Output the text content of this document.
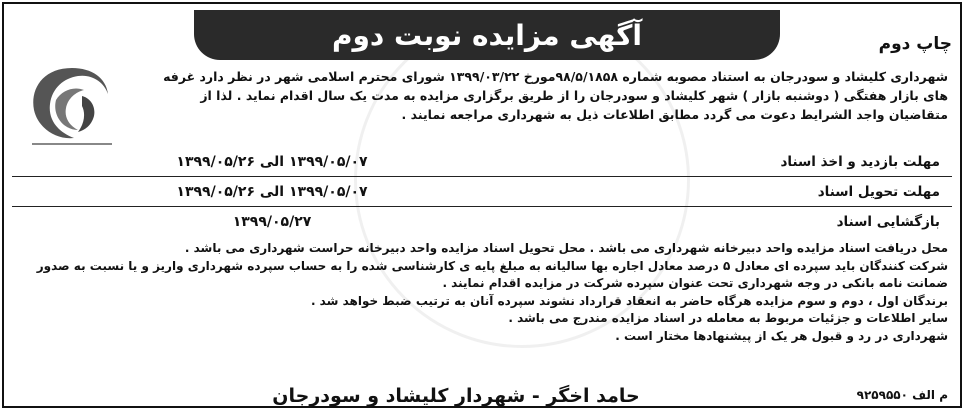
آگهی مزایده نوبت دوم	چاپ دوم

شهرداری کلیشاد و سودرجان به استناد مصوبه شماره ۹۸/۵/۱۸۵۸مورخ ۱۳۹۹/۰۳/۲۲ شورای محترم اسلامی شهر در نظر دارد غرفه های بازار هفتگی ( دوشنبه بازار ) شهر کلیشاد و سودرجان را از طریق برگزاری مزایده به مدت یک سال اقدام نماید . لذا از متقاضیان واجد الشرایط دعوت می گردد مطابق اطلاعات ذیل به شهرداری مراجعه نمایند .

مهلت بازدید و اخذ اسناد
۱۳۹۹/۰۵/۰۷ الی ۱۳۹۹/۰۵/۲۶
مهلت تحویل اسناد
۱۳۹۹/۰۵/۰۷ الی ۱۳۹۹/۰۵/۲۶
بازگشایی اسناد
۱۳۹۹/۰۵/۲۷
محل دریافت اسناد مزایده واحد دبیرخانه شهرداری می باشد . محل تحویل اسناد مزایده واحد دبیرخانه حراست شهرداری می باشد .
شرکت کنندگان باید سپرده ای معادل ۵ درصد معادل اجاره بها سالیانه به مبلغ پایه ی کارشناسی شده را به حساب سپرده شهرداری واریز و یا نسبت به صدور ضمانت نامه بانکی در وجه شهرداری تحت عنوان سپرده شرکت در مزایده اقدام نمایند .
برندگان اول ، دوم و سوم مزایده هرگاه حاضر به انعقاد قرارداد نشوند سپرده آنان به ترتیب ضبط خواهد شد .
سایر اطلاعات و جزئیات مربوط به معامله در اسناد مزایده مندرج می باشد .
شهرداری در رد و قبول هر یک از پیشنهادها مختار است .
حامد اخگر - شهردار کلیشاد و سودرجان	م الف ۹۲۵۹۵۵۰
